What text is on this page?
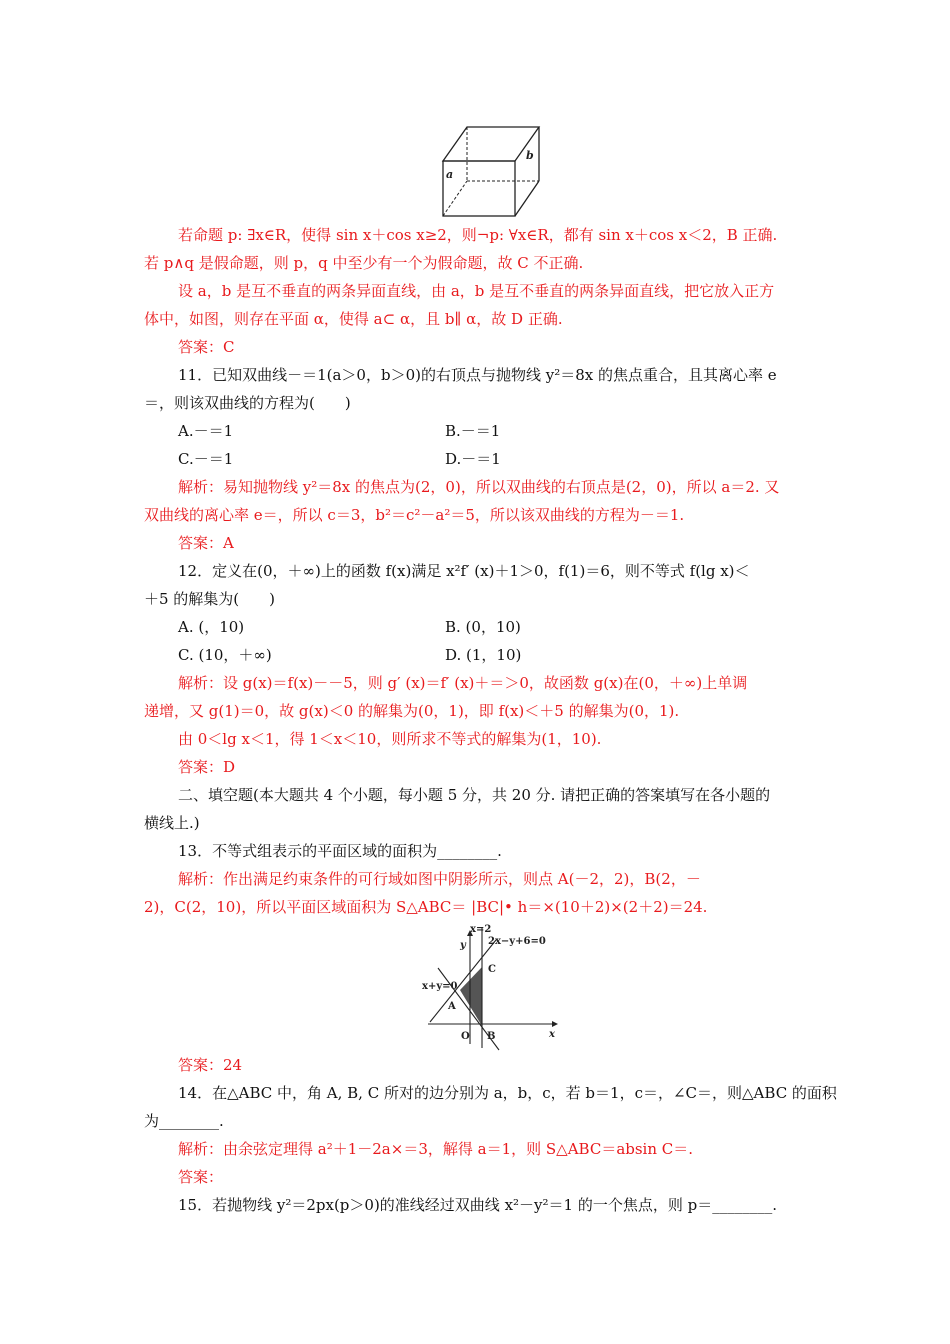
a
b
若命题 p: ∃x∈R，使得 sin x＋cos x≥2，则¬p: ∀x∈R，都有 sin x＋cos x＜2，B 正确.
若 p∧q 是假命题，则 p，q 中至少有一个为假命题，故 C 不正确.
设 a，b 是互不垂直的两条异面直线，由 a，b 是互不垂直的两条异面直线，把它放入正方
体中，如图，则存在平面 α，使得 a⊂ α，且 b∥ α，故 D 正确.
答案：C
11．已知双曲线－＝1(a＞0，b＞0)的右顶点与抛物线 y²＝8x 的焦点重合，且其离心率 e
＝，则该双曲线的方程为(　　)
A.－＝1	B.－＝1
C.－＝1	D.－＝1
解析：易知抛物线 y²＝8x 的焦点为(2，0)，所以双曲线的右顶点是(2，0)，所以 a＝2. 又
双曲线的离心率 e＝，所以 c＝3，b²＝c²－a²＝5，所以该双曲线的方程为－＝1.
答案：A
12．定义在(0，＋∞)上的函数 f(x)满足 x²f′ (x)＋1＞0，f(1)＝6，则不等式 f(lg x)＜
＋5 的解集为(　　)
A. (，10)	B. (0，10)
C. (10，＋∞)	D. (1，10)
解析：设 g(x)＝f(x)－－5，则 g′ (x)＝f′ (x)＋＝＞0，故函数 g(x)在(0，＋∞)上单调
递增，又 g(1)＝0，故 g(x)＜0 的解集为(0，1)，即 f(x)＜＋5 的解集为(0，1).
由 0＜lg x＜1，得 1＜x＜10，则所求不等式的解集为(1，10).
答案：D
二、填空题(本大题共 4 个小题，每小题 5 分，共 20 分. 请把正确的答案填写在各小题的
横线上.)
13．不等式组表示的平面区域的面积为________.
解析：作出满足约束条件的可行域如图中阴影所示，则点 A(－2，2)，B(2，－
2)，C(2，10)，所以平面区域面积为 S△ABC＝ |BC|• h＝×(10＋2)×(2＋2)＝24.
x=2
2x−y+6=0
y
C
x+y=0
A
x
O B
答案：24
14．在△ABC 中，角 A, B, C 所对的边分别为 a，b，c，若 b＝1，c＝，∠C＝，则△ABC 的面积
为________.
解析：由余弦定理得 a²＋1－2a×＝3，解得 a＝1，则 S△ABC＝absin C＝.
答案：
15．若抛物线 y²＝2px(p＞0)的准线经过双曲线 x²－y²＝1 的一个焦点，则 p＝________.
